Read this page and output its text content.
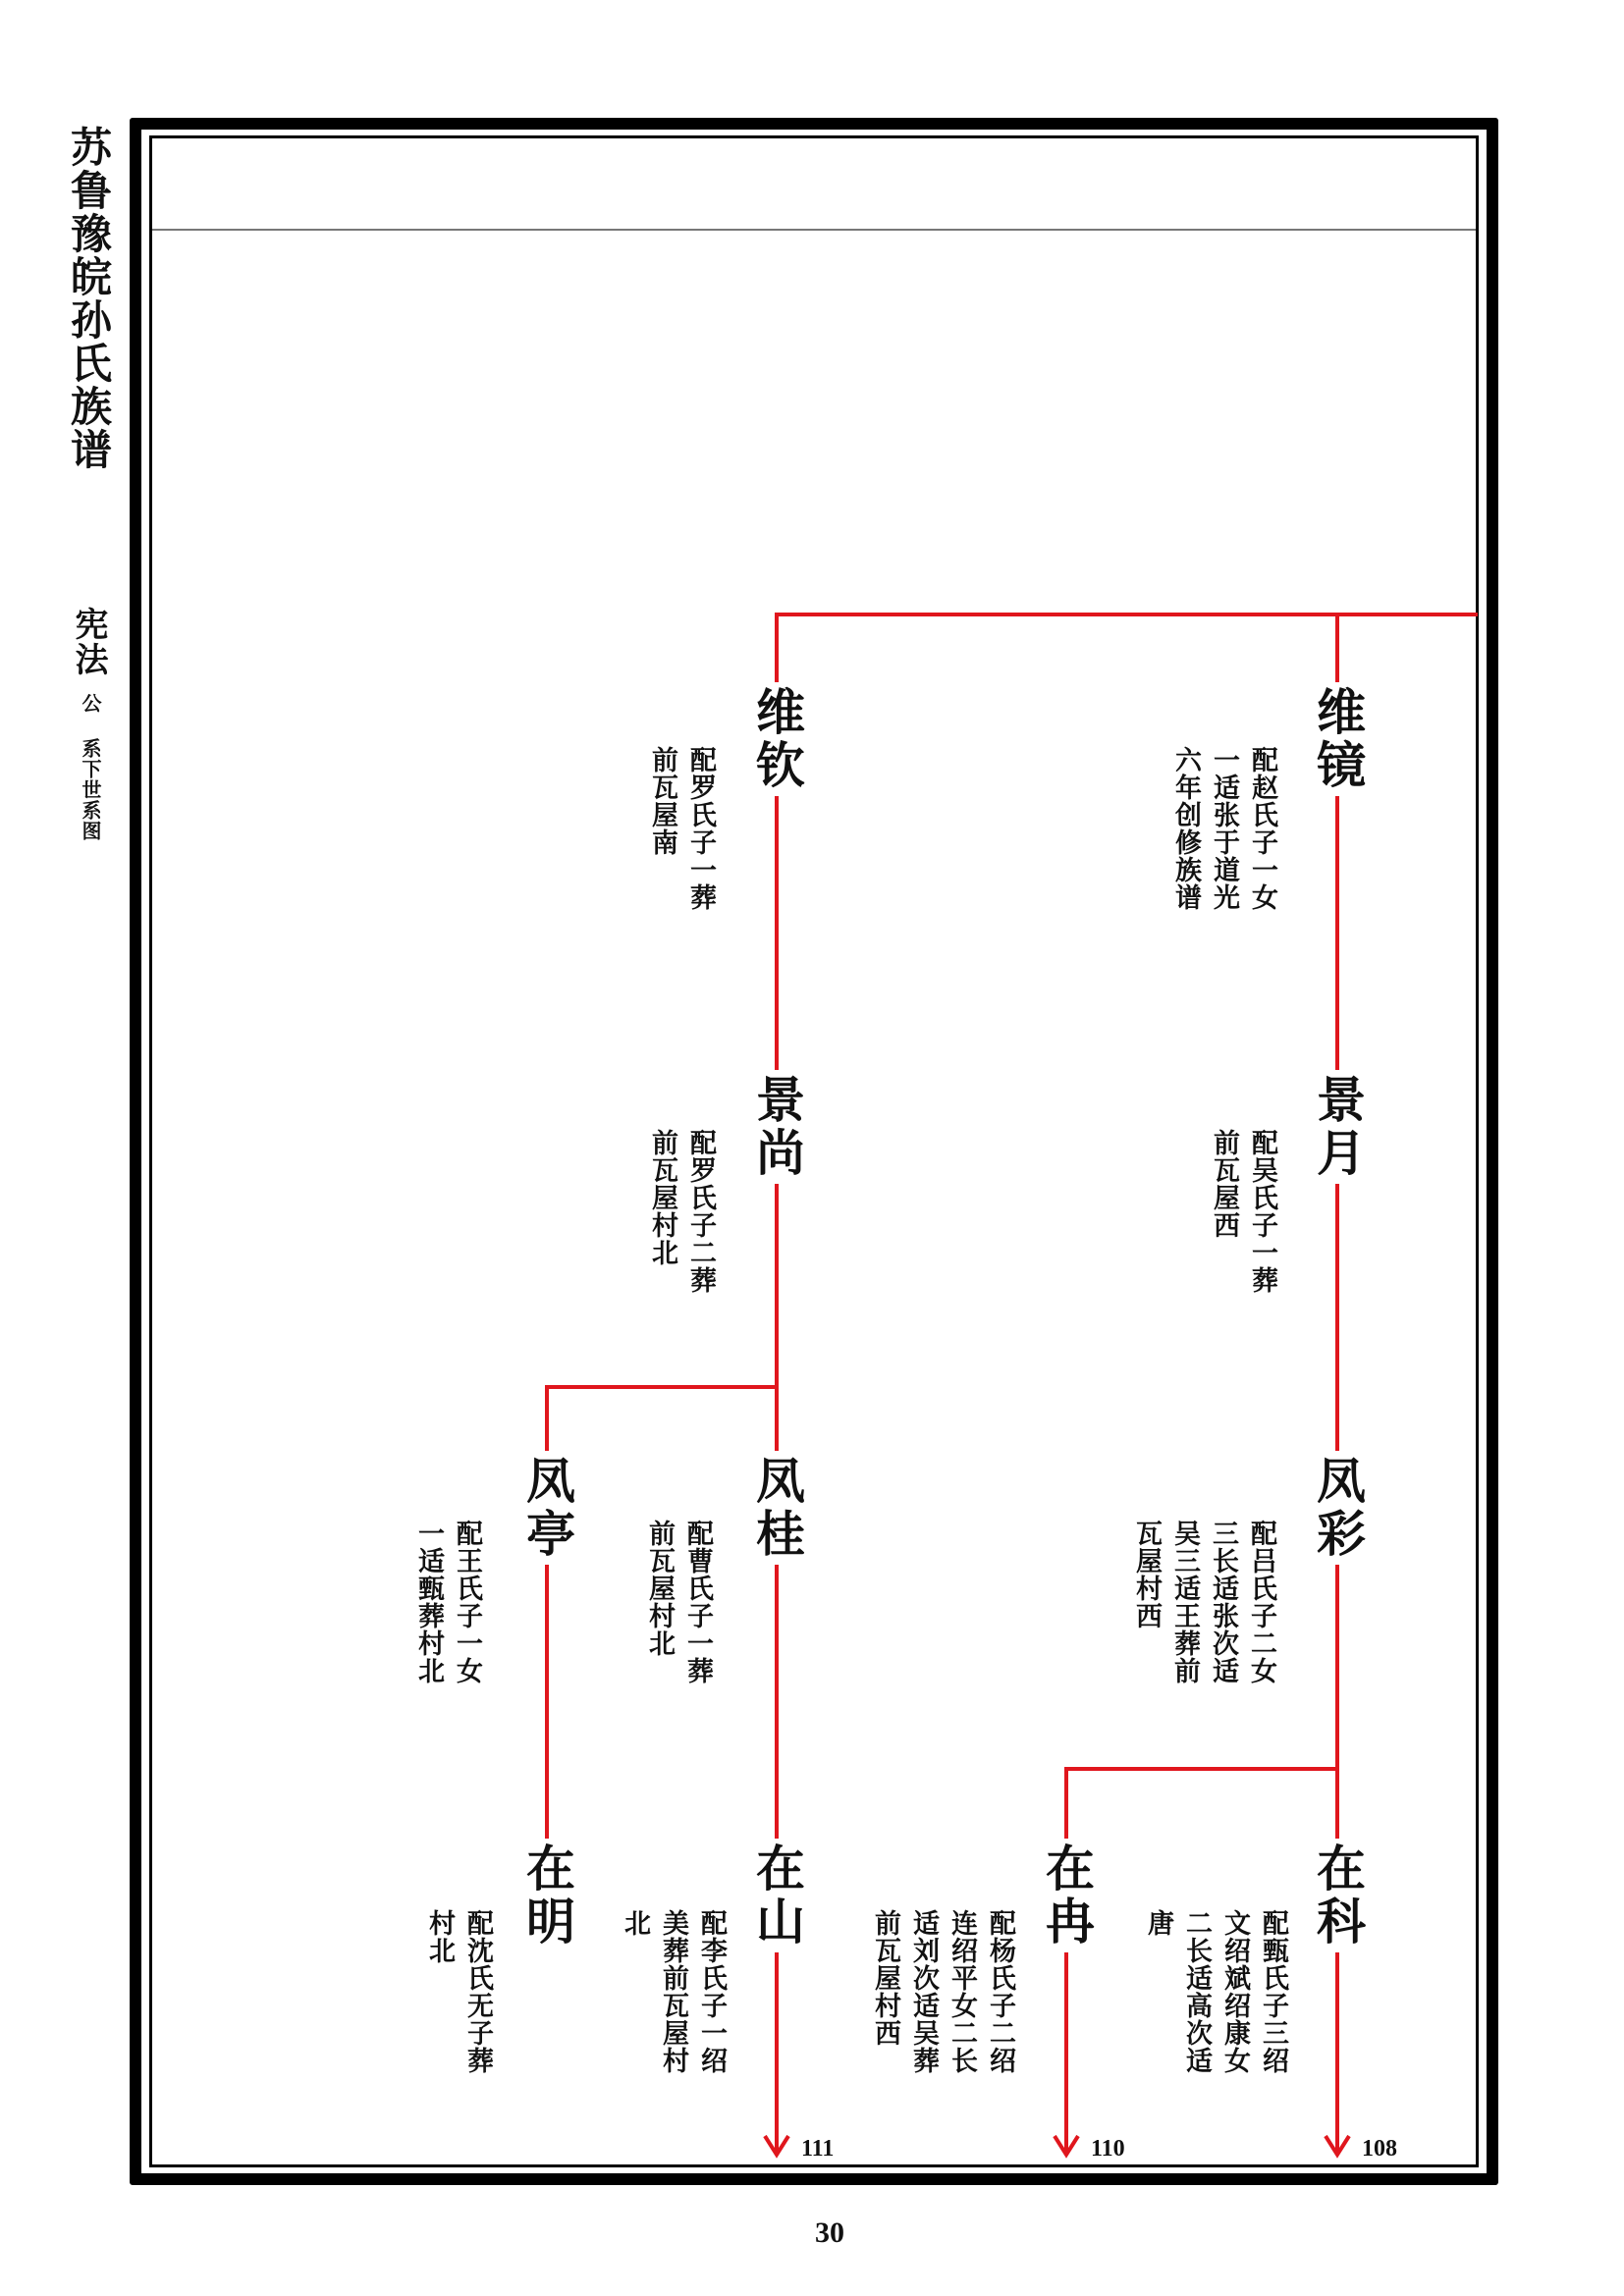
苏鲁豫皖孙氏族谱
宪法
公
系下世系图	维钦
配罗氏子一葬
前瓦屋南
维镜
配赵氏子一女
一适张于道光
六年创修族谱
景尚
配罗氏子二葬
前瓦屋村北
景月
配吴氏子一葬
前瓦屋西
凤亭
配王氏子一女
一适甄葬村北
凤桂
配曹氏子一葬
前瓦屋村北
凤彩
配吕氏子二女
三长适张次适
吴三适王葬前
瓦屋村西
在明
配沈氏无子葬
村北	在山
配李氏子一绍
美葬前瓦屋村
北	在冉
配杨氏子二绍
连绍平女二长
适刘次适吴葬
前瓦屋村西
在科
配甄氏子三绍
文绍斌绍康女
二长适高次适
唐
111	110	108
30
